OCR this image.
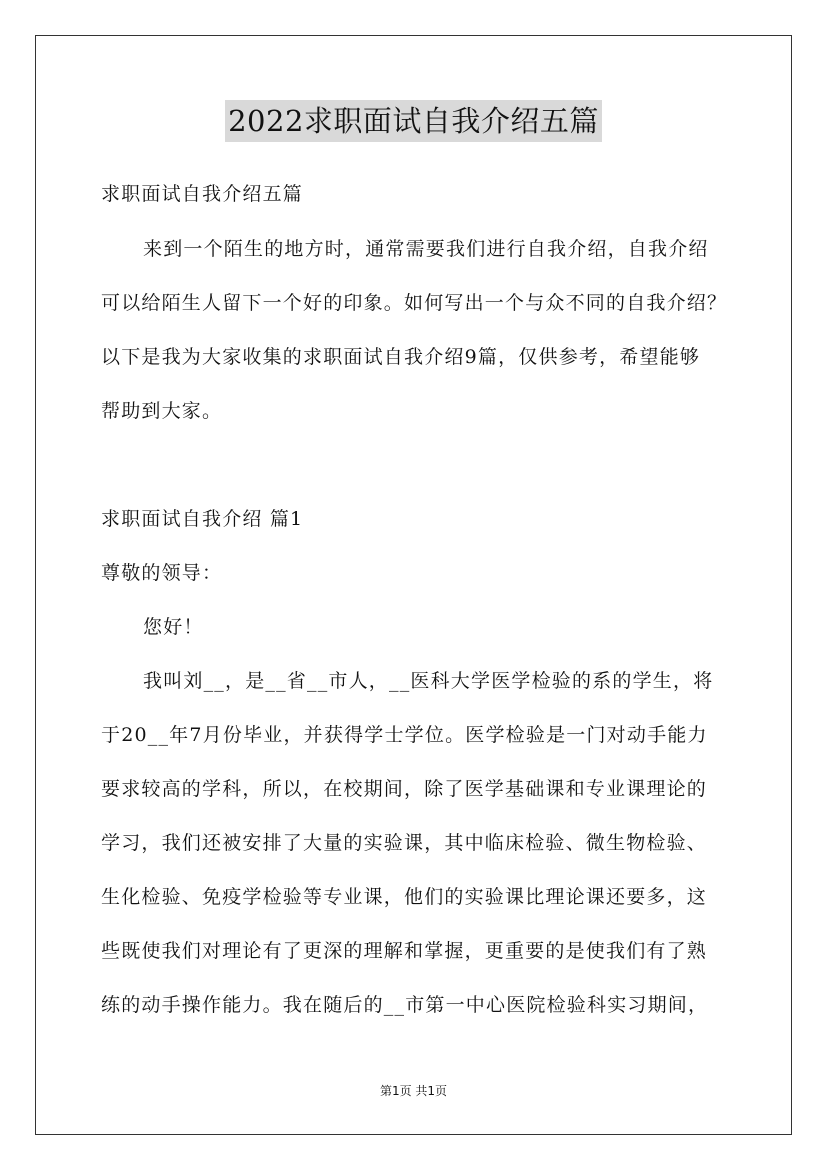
2022求职面试自我介绍五篇
求职面试自我介绍五篇
来到一个陌生的地方时，通常需要我们进行自我介绍，自我介绍
可以给陌生人留下一个好的印象。如何写出一个与众不同的自我介绍？
以下是我为大家收集的求职面试自我介绍9篇，仅供参考，希望能够
帮助到大家。
求职面试自我介绍 篇1
尊敬的领导：
您好！
我叫刘__，是__省__市人，__医科大学医学检验的系的学生，将
于20__年7月份毕业，并获得学士学位。医学检验是一门对动手能力
要求较高的学科，所以，在校期间，除了医学基础课和专业课理论的
学习，我们还被安排了大量的实验课，其中临床检验、微生物检验、
生化检验、免疫学检验等专业课，他们的实验课比理论课还要多，这
些既使我们对理论有了更深的理解和掌握，更重要的是使我们有了熟
练的动手操作能力。我在随后的__市第一中心医院检验科实习期间，
第1页 共1页
